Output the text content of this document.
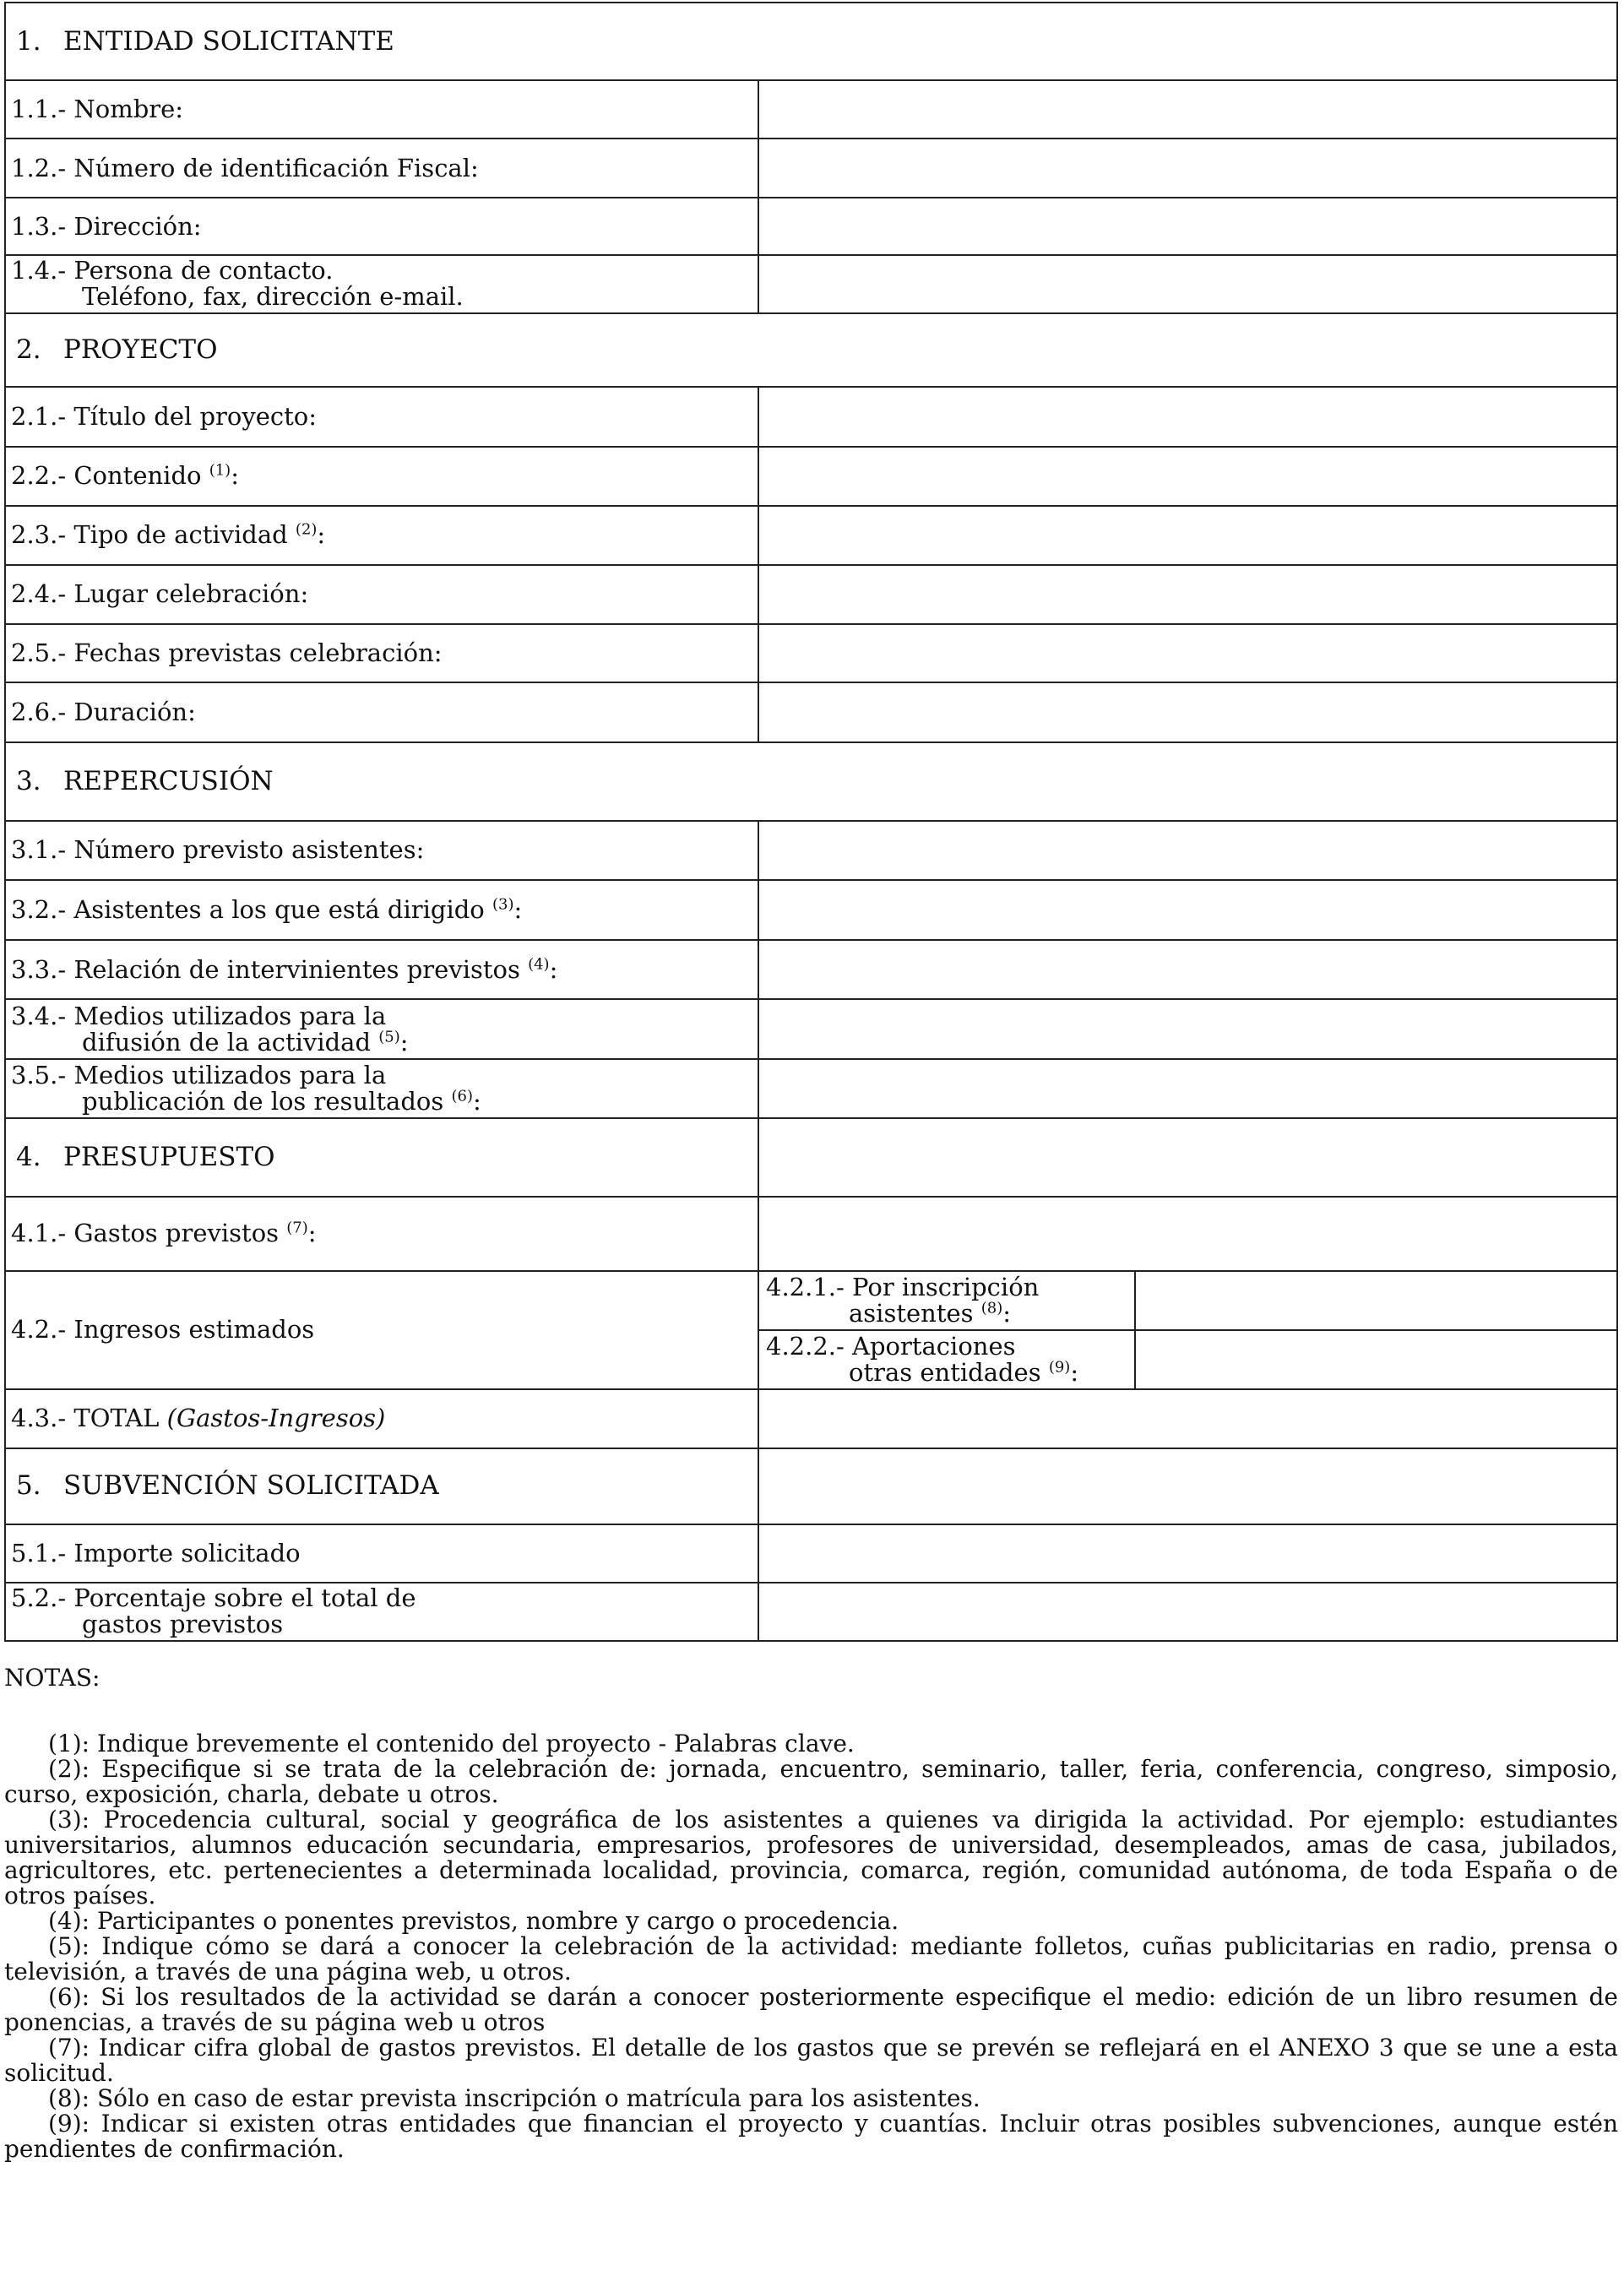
1. ENTIDAD SOLICITANTE
1.1.- Nombre:	
1.2.- Número de identificación Fiscal:	
1.3.- Dirección:	

1.4.- Persona de contacto.
Teléfono, fax, dirección e-mail.

2. PROYECTO
2.1.- Título del proyecto:	
2.2.- Contenido $^{(1)}$:	
2.3.- Tipo de actividad $^{(2)}$:	
2.4.- Lugar celebración:	
2.5.- Fechas previstas celebración:	
2.6.- Duración:	
3. REPERCUSIÓN
3.1.- Número previsto asistentes:	
3.2.- Asistentes a los que está dirigido $^{(3)}$:	
3.3.- Relación de intervinientes previstos $^{(4)}$:	

3.4.- Medios utilizados para la
difusión de la actividad $^{(5)}$:

3.5.- Medios utilizados para la
publicación de los resultados $^{(6)}$:

4. PRESUPUESTO	
4.1.- Gastos previstos $^{(7)}$:	
4.2.- Ingresos estimados	
4.2.1.- Por inscripción
asistentes $^{(8)}$:

4.2.2.- Aportaciones
otras entidades $^{(9)}$:

4.3.- TOTAL (Gastos-Ingresos)	
5. SUBVENCIÓN SOLICITADA	
5.1.- Importe solicitado	

5.2.- Porcentaje sobre el total de
gastos previstos

NOTAS:

(1): Indique brevemente el contenido del proyecto - Palabras clave.

(2): Especifique si se trata de la celebración de: jornada, encuentro, seminario, taller, feria, conferencia, congreso, simposio, curso, exposición, charla, debate u otros.

(3): Procedencia cultural, social y geográfica de los asistentes a quienes va dirigida la actividad. Por ejemplo: estudiantes universitarios, alumnos educación secundaria, empresarios, profesores de universidad, desempleados, amas de casa, jubilados, agricultores, etc. pertenecientes a determinada localidad, provincia, comarca, región, comunidad autónoma, de toda España o de otros países.

(4): Participantes o ponentes previstos, nombre y cargo o procedencia.

(5): Indique cómo se dará a conocer la celebración de la actividad: mediante folletos, cuñas publicitarias en radio, prensa o televisión, a través de una página web, u otros.

(6): Si los resultados de la actividad se darán a conocer posteriormente especifique el medio: edición de un libro resumen de ponencias, a través de su página web u otros

(7): Indicar cifra global de gastos previstos. El detalle de los gastos que se prevén se reflejará en el ANEXO 3 que se une a esta solicitud.

(8): Sólo en caso de estar prevista inscripción o matrícula para los asistentes.

(9): Indicar si existen otras entidades que financian el proyecto y cuantías. Incluir otras posibles subvenciones, aunque estén pendientes de confirmación.
